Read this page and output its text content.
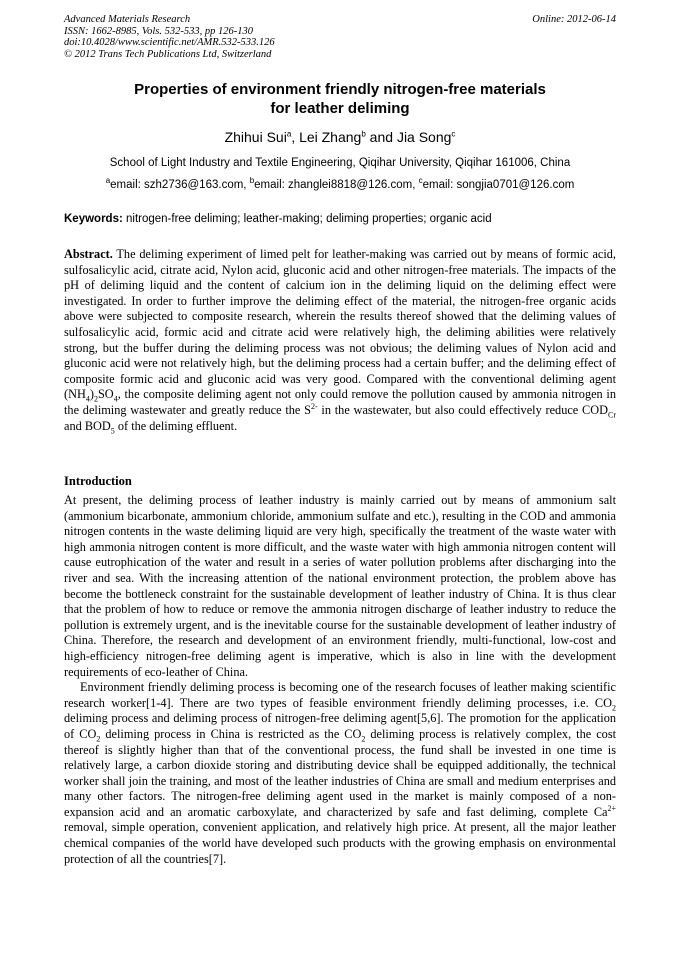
Advanced Materials Research	Online: 2012-06-14
ISSN: 1662-8985, Vols. 532-533, pp 126-130
doi:10.4028/www.scientific.net/AMR.532-533.126
© 2012 Trans Tech Publications Ltd, Switzerland
Properties of environment friendly nitrogen-free materials
for leather deliming
Zhihui Sui$^a$, Lei Zhang$^b$ and Jia Song$^c$
School of Light Industry and Textile Engineering, Qiqihar University, Qiqihar 161006, China
$^a$email: szh2736@163.com, $^b$email: zhanglei8818@126.com, $^c$email: songjia0701@126.com
Keywords: nitrogen-free deliming; leather-making; deliming properties; organic acid
Abstract. The deliming experiment of limed pelt for leather-making was carried out by means of formic acid, sulfosalicylic acid, citrate acid, Nylon acid, gluconic acid and other nitrogen-free materials. The impacts of the pH of deliming liquid and the content of calcium ion in the deliming liquid on the deliming effect were investigated. In order to further improve the deliming effect of the material, the nitrogen-free organic acids above were subjected to composite research, wherein the results thereof showed that the deliming values of sulfosalicylic acid, formic acid and citrate acid were relatively high, the deliming abilities were relatively strong, but the buffer during the deliming process was not obvious; the deliming values of Nylon acid and gluconic acid were not relatively high, but the deliming process had a certain buffer; and the deliming effect of composite formic acid and gluconic acid was very good. Compared with the conventional deliming agent $(NH_4)_2SO_4$, the composite deliming agent not only could remove the pollution caused by ammonia nitrogen in the deliming wastewater and greatly reduce the $S^{2-}$ in the wastewater, but also could effectively reduce $COD_{Cr}$ and $BOD_5$ of the deliming effluent.
Introduction

At present, the deliming process of leather industry is mainly carried out by means of ammonium salt (ammonium bicarbonate, ammonium chloride, ammonium sulfate and etc.), resulting in the COD and ammonia nitrogen contents in the waste deliming liquid are very high, specifically the treatment of the waste water with high ammonia nitrogen content is more difficult, and the waste water with high ammonia nitrogen content will cause eutrophication of the water and result in a series of water pollution problems after discharging into the river and sea. With the increasing attention of the national environment protection, the problem above has become the bottleneck constraint for the sustainable development of leather industry of China. It is thus clear that the problem of how to reduce or remove the ammonia nitrogen discharge of leather industry to reduce the pollution is extremely urgent, and is the inevitable course for the sustainable development of leather industry of China. Therefore, the research and development of an environment friendly, multi-functional, low-cost and high-efficiency nitrogen-free deliming agent is imperative, which is also in line with the development requirements of eco-leather of China.

Environment friendly deliming process is becoming one of the research focuses of leather making scientific research worker[1-4]. There are two types of feasible environment friendly deliming processes, i.e. $CO_2$ deliming process and deliming process of nitrogen-free deliming agent[5,6]. The promotion for the application of $CO_2$ deliming process in China is restricted as the $CO_2$ deliming process is relatively complex, the cost thereof is slightly higher than that of the conventional process, the fund shall be invested in one time is relatively large, a carbon dioxide storing and distributing device shall be equipped additionally, the technical worker shall join the training, and most of the leather industries of China are small and medium enterprises and many other factors. The nitrogen-free deliming agent used in the market is mainly composed of a non-expansion acid and an aromatic carboxylate, and characterized by safe and fast deliming, complete $Ca^{2+}$ removal, simple operation, convenient application, and relatively high price. At present, all the major leather chemical companies of the world have developed such products with the growing emphasis on environmental protection of all the countries[7].
